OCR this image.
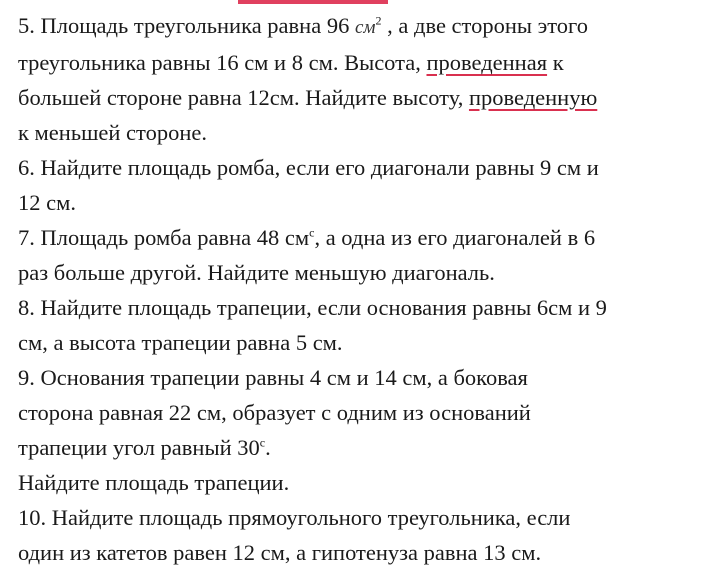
5. Площадь треугольника равна 96 $см^2$ , а две стороны этого
треугольника равны 16 см и 8 см. Высота, проведенная к
большей стороне равна 12см. Найдите высоту, проведенную
к меньшей стороне.
6. Найдите площадь ромба, если его диагонали равны 9 см и
12 см.
7. Площадь ромба равна 48 $см^с$, а одна из его диагоналей в 6
раз больше другой. Найдите меньшую диагональ.
8. Найдите площадь трапеции, если основания равны 6см и 9
см, а высота трапеции равна 5 см.
9. Основания трапеции равны 4 см и 14 см, а боковая
сторона равная 22 см, образует с одним из оснований
трапеции угол равный $30^с$.
Найдите площадь трапеции.
10. Найдите площадь прямоугольного треугольника, если
один из катетов равен 12 см, а гипотенуза равна 13 см.
